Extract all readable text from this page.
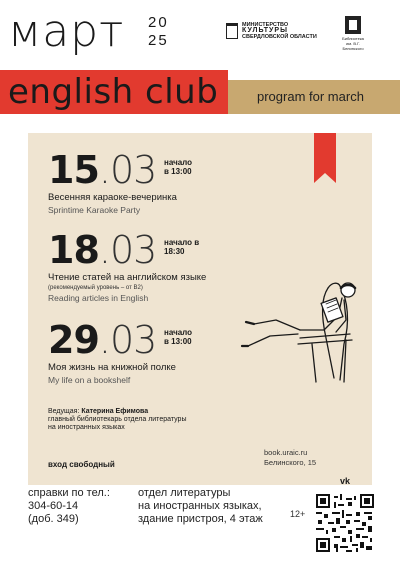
март 20
25
МИНИСТЕРСТВО
КУЛЬТУРЫ
СВЕРДЛОВСКОЙ ОБЛАСТИ	Библиотека
им. В.Г. Белинского
program for march
english club
15.03 начало в 13:00
Весенняя караоке-вечеринка
Sprintime Karaoke Party
18.03 начало в 18:30
Чтение статей на английском языке
(рекомендуемый уровень – от B2)
Reading articles in English
29.03 начало в 13:00
Моя жизнь на книжной полке
My life on a bookshelf
Ведущая: Катерина Ефимова
главный библиотекарь отдела литературы
на иностранных языках
вход свободный
book.uraic.ru
Белинского, 15
vk
справки по тел.:
304-60-14
(доб. 349)
отдел литературы
на иностранных языках,
здание пристроя, 4 этаж	12+
